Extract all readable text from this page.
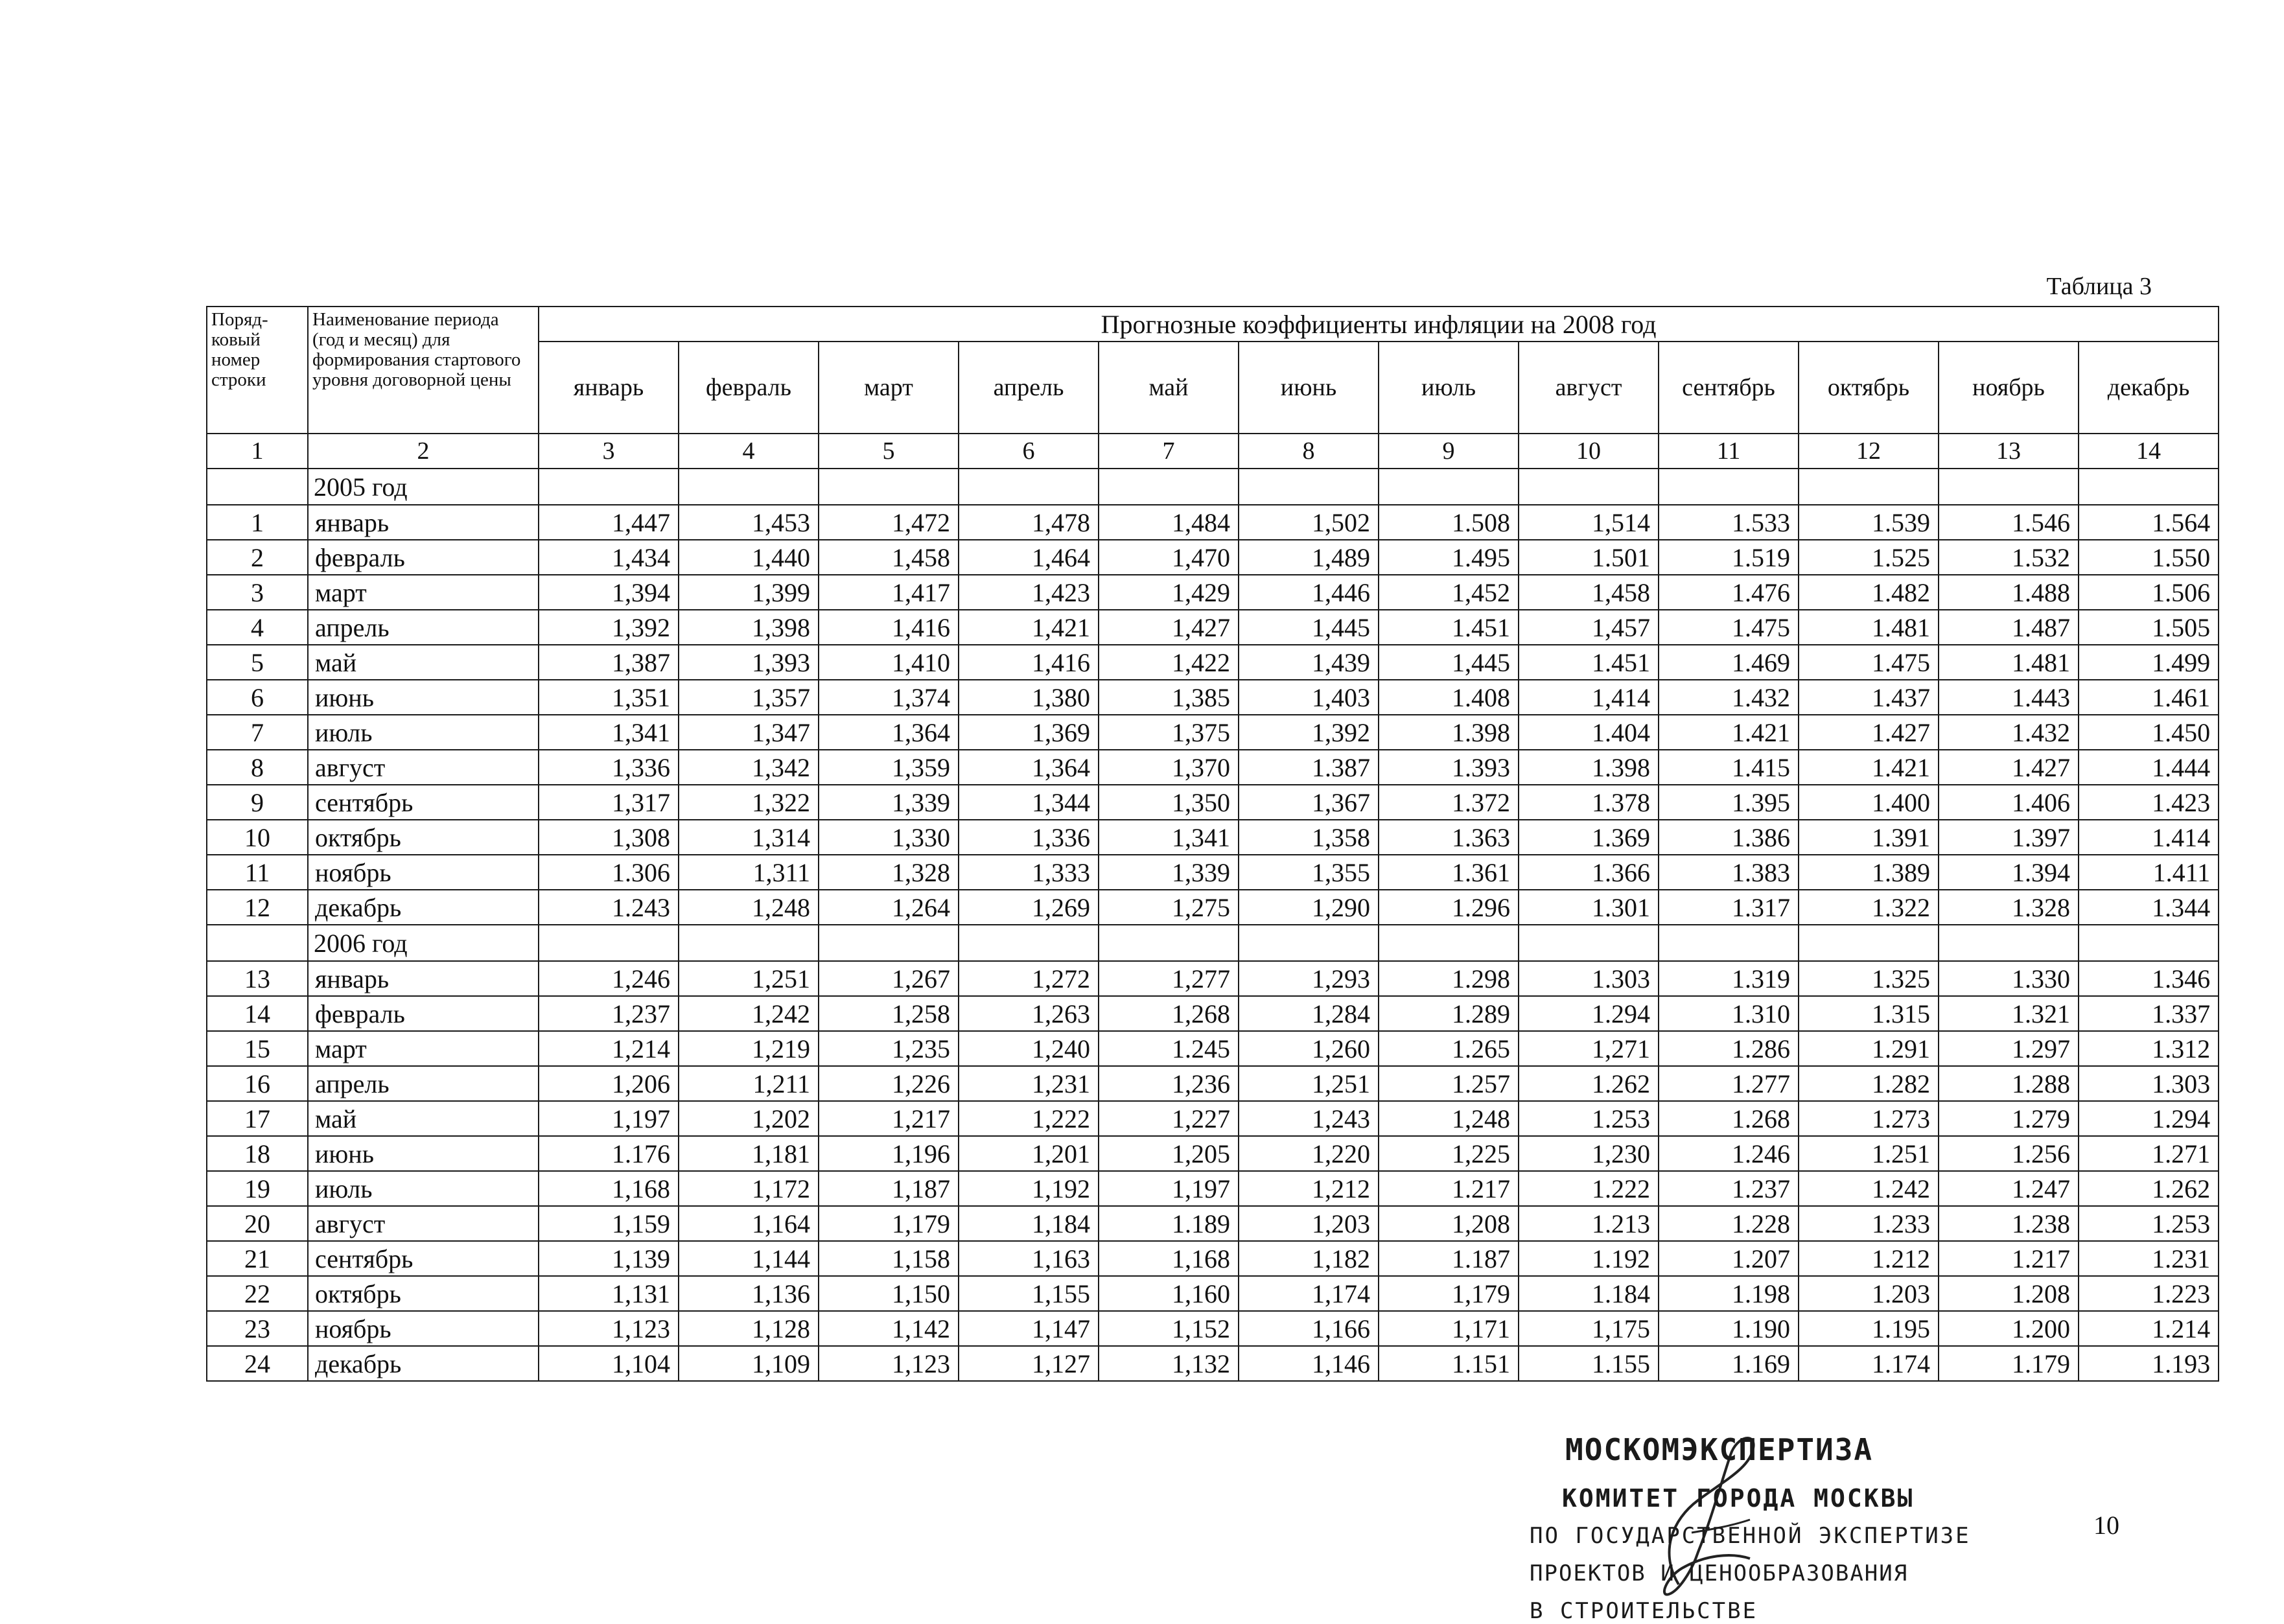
Таблица 3
Поряд-ковый номер строки	Наименование периода (год и месяц) для формирования стартового уровня договорной цены	Прогнозные коэффициенты инфляции на 2008 год											
		январь	февраль	март	апрель	май	июнь	июль	август	сентябрь	октябрь	ноябрь	декабрь
1	2	3	4	5	6	7	8	9	10	11	12	13	14
	2005 год												
1	январь	1,447	1,453	1,472	1,478	1,484	1,502	1.508	1,514	1.533	1.539	1.546	1.564
2	февраль	1,434	1,440	1,458	1,464	1,470	1,489	1.495	1.501	1.519	1.525	1.532	1.550
3	март	1,394	1,399	1,417	1,423	1,429	1,446	1,452	1,458	1.476	1.482	1.488	1.506
4	апрель	1,392	1,398	1,416	1,421	1,427	1,445	1.451	1,457	1.475	1.481	1.487	1.505
5	май	1,387	1,393	1,410	1,416	1,422	1,439	1,445	1.451	1.469	1.475	1.481	1.499
6	июнь	1,351	1,357	1,374	1,380	1,385	1,403	1.408	1,414	1.432	1.437	1.443	1.461
7	июль	1,341	1,347	1,364	1,369	1,375	1,392	1.398	1.404	1.421	1.427	1.432	1.450
8	август	1,336	1,342	1,359	1,364	1,370	1.387	1.393	1.398	1.415	1.421	1.427	1.444
9	сентябрь	1,317	1,322	1,339	1,344	1,350	1,367	1.372	1.378	1.395	1.400	1.406	1.423
10	октябрь	1,308	1,314	1,330	1,336	1,341	1,358	1.363	1.369	1.386	1.391	1.397	1.414
11	ноябрь	1.306	1,311	1,328	1,333	1,339	1,355	1.361	1.366	1.383	1.389	1.394	1.411
12	декабрь	1.243	1,248	1,264	1,269	1,275	1,290	1.296	1.301	1.317	1.322	1.328	1.344
	2006 год												
13	январь	1,246	1,251	1,267	1,272	1,277	1,293	1.298	1.303	1.319	1.325	1.330	1.346
14	февраль	1,237	1,242	1,258	1,263	1,268	1,284	1.289	1.294	1.310	1.315	1.321	1.337
15	март	1,214	1,219	1,235	1,240	1.245	1,260	1.265	1,271	1.286	1.291	1.297	1.312
16	апрель	1,206	1,211	1,226	1,231	1,236	1,251	1.257	1.262	1.277	1.282	1.288	1.303
17	май	1,197	1,202	1,217	1,222	1,227	1,243	1,248	1.253	1.268	1.273	1.279	1.294
18	июнь	1.176	1,181	1,196	1,201	1,205	1,220	1,225	1,230	1.246	1.251	1.256	1.271
19	июль	1,168	1,172	1,187	1,192	1,197	1,212	1.217	1.222	1.237	1.242	1.247	1.262
20	август	1,159	1,164	1,179	1,184	1.189	1,203	1,208	1.213	1.228	1.233	1.238	1.253
21	сентябрь	1,139	1,144	1,158	1,163	1,168	1,182	1.187	1.192	1.207	1.212	1.217	1.231
22	октябрь	1,131	1,136	1,150	1,155	1,160	1,174	1,179	1.184	1.198	1.203	1.208	1.223
23	ноябрь	1,123	1,128	1,142	1,147	1,152	1,166	1,171	1,175	1.190	1.195	1.200	1.214
24	декабрь	1,104	1,109	1,123	1,127	1,132	1,146	1.151	1.155	1.169	1.174	1.179	1.193
МОСКОМЭКСПЕРТИЗА
КОМИТЕТ ГОРОДА МОСКВЫ
ПО ГОСУДАРСТВЕННОЙ ЭКСПЕРТИЗЕ
ПРОЕКТОВ И ЦЕНООБРАЗОВАНИЯ
В СТРОИТЕЛЬСТВЕ
10
